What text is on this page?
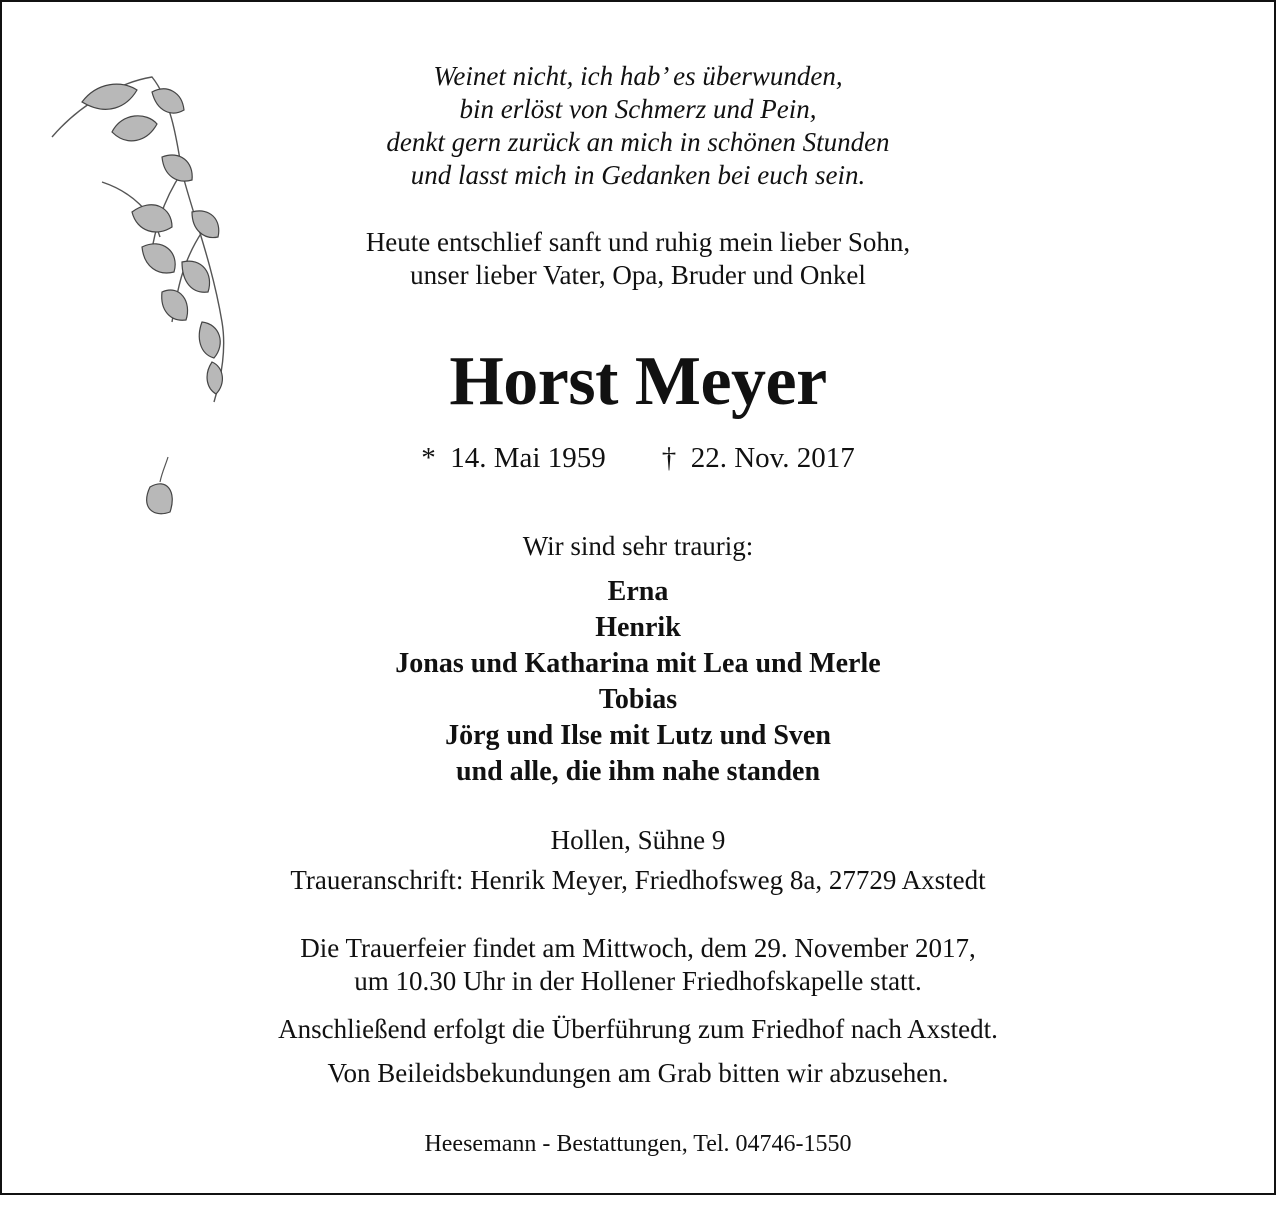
Weinet nicht, ich hab’ es überwunden,
bin erlöst von Schmerz und Pein,
denkt gern zurück an mich in schönen Stunden
und lasst mich in Gedanken bei euch sein.
Heute entschlief sanft und ruhig mein lieber Sohn,
unser lieber Vater, Opa, Bruder und Onkel
Horst Meyer
* 14. Mai 1959 † 22. Nov. 2017
Wir sind sehr traurig:
Erna
Henrik
Jonas und Katharina mit Lea und Merle
Tobias
Jörg und Ilse mit Lutz und Sven
und alle, die ihm nahe standen
Hollen, Sühne 9
Traueranschrift: Henrik Meyer, Friedhofsweg 8a, 27729 Axstedt
Die Trauerfeier findet am Mittwoch, dem 29. November 2017,
um 10.30 Uhr in der Hollener Friedhofskapelle statt.
Anschließend erfolgt die Überführung zum Friedhof nach Axstedt.
Von Beileidsbekundungen am Grab bitten wir abzusehen.
Heesemann - Bestattungen, Tel. 04746-1550
